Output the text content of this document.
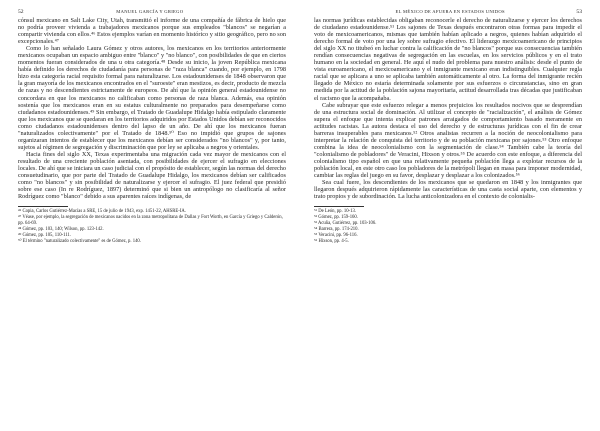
52	MANUEL GARCÍA Y GRIEGO

cónsul mexicano en Salt Lake City, Utah, transmitió el informe de una compañía de fábrica de hielo que no podría proveer vivienda a trabajadores mexicanos porque sus empleados "blancos" se negarían a compartir vivienda con ellos.⁴⁶ Estos ejemplos varían en momento histórico y sitio geográfico, pero no son excepcionales.⁴⁷

Como lo han señalado Laura Gómez y otros autores, los mexicanos en los territorios anteriormente mexicanos ocupaban un espacio ambiguo entre "blanco" y "no blanco", con posibilidades de que en ciertos momentos fueran considerados de una u otra categoría.⁴⁸ Desde su inicio, la joven República mexicana había definido los derechos de ciudadanía para personas de "raza blanca" cuando, por ejemplo, en 1798 hizo esta categoría racial requisito formal para naturalizarse. Los estadounidenses de 1848 observaron que la gran mayoría de los mexicanos encontrados en el "suroeste" eran mestizos, es decir, producto de mezcla de razas y no descendientes estrictamente de europeos. De ahí que la opinión general estadounidense no concordara en que los mexicanos no calificaban como personas de raza blanca. Además, esa opinión sostenía que los mexicanos eran en su estatus culturalmente no preparados para desempeñarse como ciudadanos estadounidenses.⁴⁹ Sin embargo, el Tratado de Guadalupe Hidalgo había estipulado claramente que los mexicanos que se quedaran en los territorios adquiridos por Estados Unidos debían ser reconocidos como ciudadanos estadounidenses dentro del lapso de un año. De ahí que los mexicanos fueran "naturalizados colectivamente" por el Tratado de 1848.⁵⁰ Eso no impidió que grupos de sajones organizaran intentos de establecer que los mexicanos debían ser considerados "no blancos" y, por tanto, sujetos al régimen de segregación y discriminación que por ley se aplicaba a negros y orientales.

Hacia fines del siglo XX, Texas experimentaba una migración cada vez mayor de mexicanos con el resultado de una creciente población asentada, con posibilidades de ejercer el sufragio en elecciones locales. De ahí que se iniciara un caso judicial con el propósito de establecer, según las normas del derecho consuetudinario, que por parte del Tratado de Guadalupe Hidalgo, los mexicanos debían ser calificados como "no blancos" y sin posibilidad de naturalizarse y ejercer el sufragio. El juez federal que presidió sobre ese caso (In re Rodríguez, 1897) determinó que si bien un antropólogo no clasificaría al señor Rodríguez como "blanco" debido a sus aparentes raíces indígenas, de

⁴⁶ Copia, Carlos Gutiérrez-Macías a SRE, 15 de julio de 1943, exp. 1451-22, AHSRE-IA.

⁴⁷ Véase, por ejemplo, la segregación de mexicanos nacidos en la zona metropolitana de Dallas y Fort Worth, en García y Griego y Calderón, pp. 64-69.

⁴⁸ Gómez, pp. 103, 140; Wilson, pp. 123-142.

⁴⁹ Gómez, pp. 105, 110-111.

⁵⁰ El término "naturalizado colectivamente" es de Gómez, p. 140.

EL MÉXICO DE AFUERA EN ESTADOS UNIDOS	53

las normas jurídicas establecidas obligaban reconocerle el derecho de naturalizarse y ejercer los derechos de ciudadano estadounidense.⁵¹ Los sajones de Texas después encontraron otras formas para impedir el voto de mexicoamericanos, mismas que también habían aplicado a negros, quienes habían adquirido el derecho formal de voto por una ley sobre sufragio efectivo. El liderazgo mexicoamericano de principios del siglo XX no titubeó en luchar contra la calificación de "no blancos" porque sus consecuencias también rendían consecuencias negativas de segregación en las escuelas, en los servicios públicos y en el trato humano en la sociedad en general. He aquí el nudo del problema para nuestro análisis: desde el punto de vista euroamericano, el mexicoamericano y el inmigrante mexicano eran indistinguibles. Cualquier regla racial que se aplicara a uno se aplicaba también automáticamente al otro. La forma del inmigrante recién llegado de México no estaría determinada solamente por sus esfuerzos o circunstancias, sino en gran medida por la actitud de la población sajona mayoritaria, actitud desarrollada tras décadas que justificaban el racismo que la acompañaba.

Cabe subrayar que este esfuerzo relegar a menos prejuicios los resultados nocivos que se desprendían de una estructura social de dominación. Al utilizar el concepto de "racialización", el análisis de Gómez supera el enfoque que intenta explicar patrones arraigados de comportamiento basado meramente en actitudes racistas. La autora destaca el uso del derecho y de estructuras jurídicas con el fin de crear barreras insuperables para mexicanos.⁵² Otros analistas recurren a la noción de neocolonialismo para interpretar la relación de conquista del territorio y de su población mexicana por sajones.⁵³ Otro enfoque combina la idea de neocolonialismo con la segmentación de clase.⁵⁴ También cabe la teoría del "colonialismo de pobladores" de Veracini, Hixson y otros.⁵⁵ De acuerdo con este enfoque, a diferencia del colonialismo tipo español en que una relativamente pequeña población llega a explotar recursos de la población local, en este otro caso los pobladores de la metrópoli llegan en masa para imponer modernidad, cambiar las reglas del juego en su favor, desplazar y desplazar a los colonizados.⁵⁶

Sea cual fuere, los descendientes de los mexicanos que se quedaron en 1848 y los inmigrantes que llegaron después adquirieron rápidamente las características de una casta social aparte, con elementos y trato propios y de subordinación. La lucha anticolonizadora en el contexto de colonialis-

⁵¹ De León, pp. 10-13.

⁵² Gómez, pp. 159-160.

⁵³ Acuña, Gutiérrez, pp. 103-106.

⁵⁴ Barrera, pp. 174-210.

⁵⁵ Veracini, pp. 96-116.

⁵⁶ Hixson, pp. 4-5.
